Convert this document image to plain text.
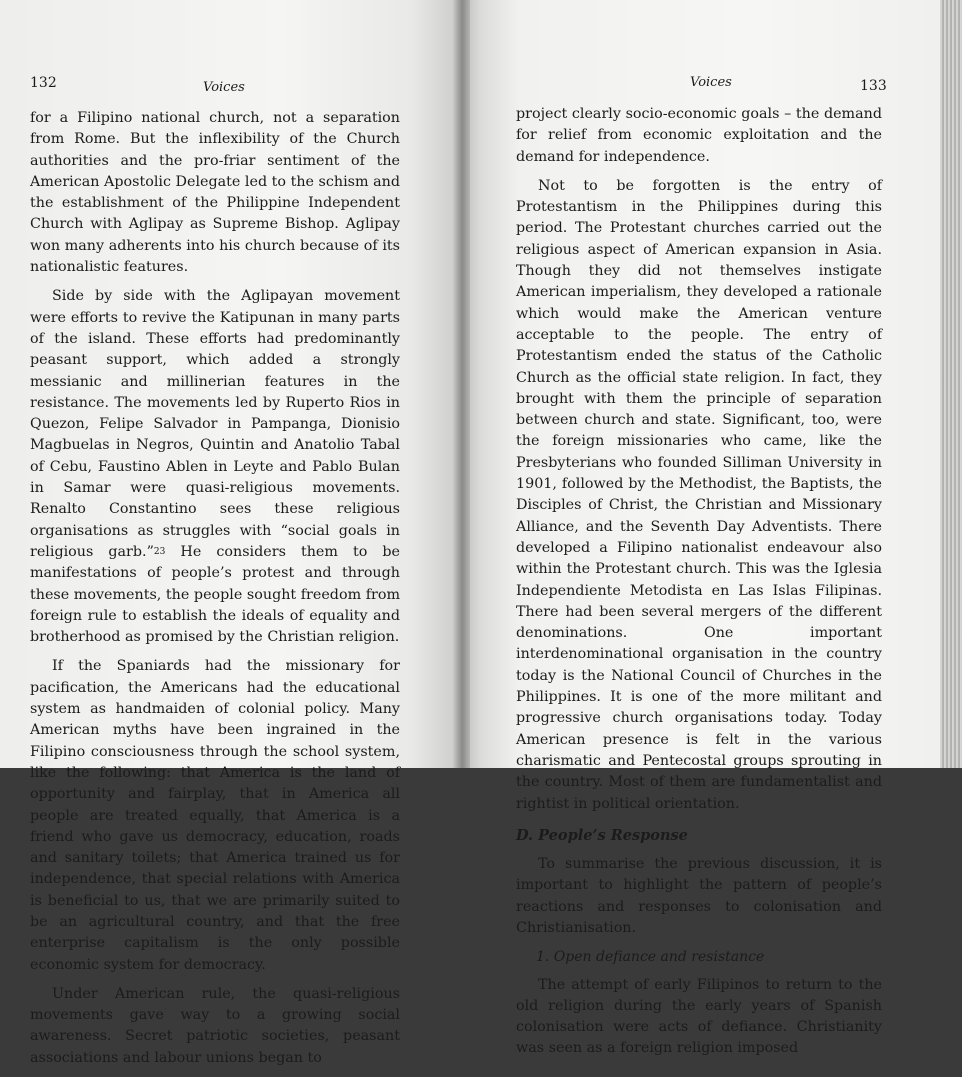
132	Voices

for a Filipino national church, not a separation from Rome. But the inflexibility of the Church authorities and the pro-friar sentiment of the American Apostolic Delegate led to the schism and the establishment of the Philippine Independent Church with Aglipay as Supreme Bishop. Aglipay won many adherents into his church because of its nationalistic features.

Side by side with the Aglipayan movement were efforts to revive the Katipunan in many parts of the island. These efforts had predominantly peasant support, which added a strongly messianic and millinerian features in the resistance. The movements led by Ruperto Rios in Quezon, Felipe Salvador in Pampanga, Dionisio Magbuelas in Negros, Quintin and Anatolio Tabal of Cebu, Faustino Ablen in Leyte and Pablo Bulan in Samar were quasi-religious movements. Renalto Constantino sees these religious organisations as struggles with “social goals in religious garb.”$^{23}$ He considers them to be manifestations of people’s protest and through these movements, the people sought freedom from foreign rule to establish the ideals of equality and brotherhood as promised by the Christian religion.

If the Spaniards had the missionary for pacification, the Americans had the educational system as handmaiden of colonial policy. Many American myths have been ingrained in the Filipino consciousness through the school system, like the following: that America is the land of opportunity and fairplay, that in America all people are treated equally, that America is a friend who gave us democracy, education, roads and sanitary toilets; that America trained us for independence, that special relations with America is beneficial to us, that we are primarily suited to be an agricultural country, and that the free enterprise capitalism is the only possible economic system for democracy.

Under American rule, the quasi-religious movements gave way to a growing social awareness. Secret patriotic societies, peasant associations and labour unions began to

Voices	133

project clearly socio-economic goals – the demand for relief from economic exploitation and the demand for independence.

Not to be forgotten is the entry of Protestantism in the Philippines during this period. The Protestant churches carried out the religious aspect of American expansion in Asia. Though they did not themselves instigate American imperialism, they developed a rationale which would make the American venture acceptable to the people. The entry of Protestantism ended the status of the Catholic Church as the official state religion. In fact, they brought with them the principle of separation between church and state. Significant, too, were the foreign missionaries who came, like the Presbyterians who founded Silliman University in 1901, followed by the Methodist, the Baptists, the Disciples of Christ, the Christian and Missionary Alliance, and the Seventh Day Adventists. There developed a Filipino nationalist endeavour also within the Protestant church. This was the Iglesia Independiente Metodista en Las Islas Filipinas. There had been several mergers of the different denominations. One important interdenominational organisation in the country today is the National Council of Churches in the Philippines. It is one of the more militant and progressive church organisations today. Today American presence is felt in the various charismatic and Pentecostal groups sprouting in the country. Most of them are fundamentalist and rightist in political orientation.

D. People’s Response

To summarise the previous discussion, it is important to highlight the pattern of people’s reactions and responses to colonisation and Christianisation.

1. Open defiance and resistance

The attempt of early Filipinos to return to the old religion during the early years of Spanish colonisation were acts of defiance. Christianity was seen as a foreign religion imposed
